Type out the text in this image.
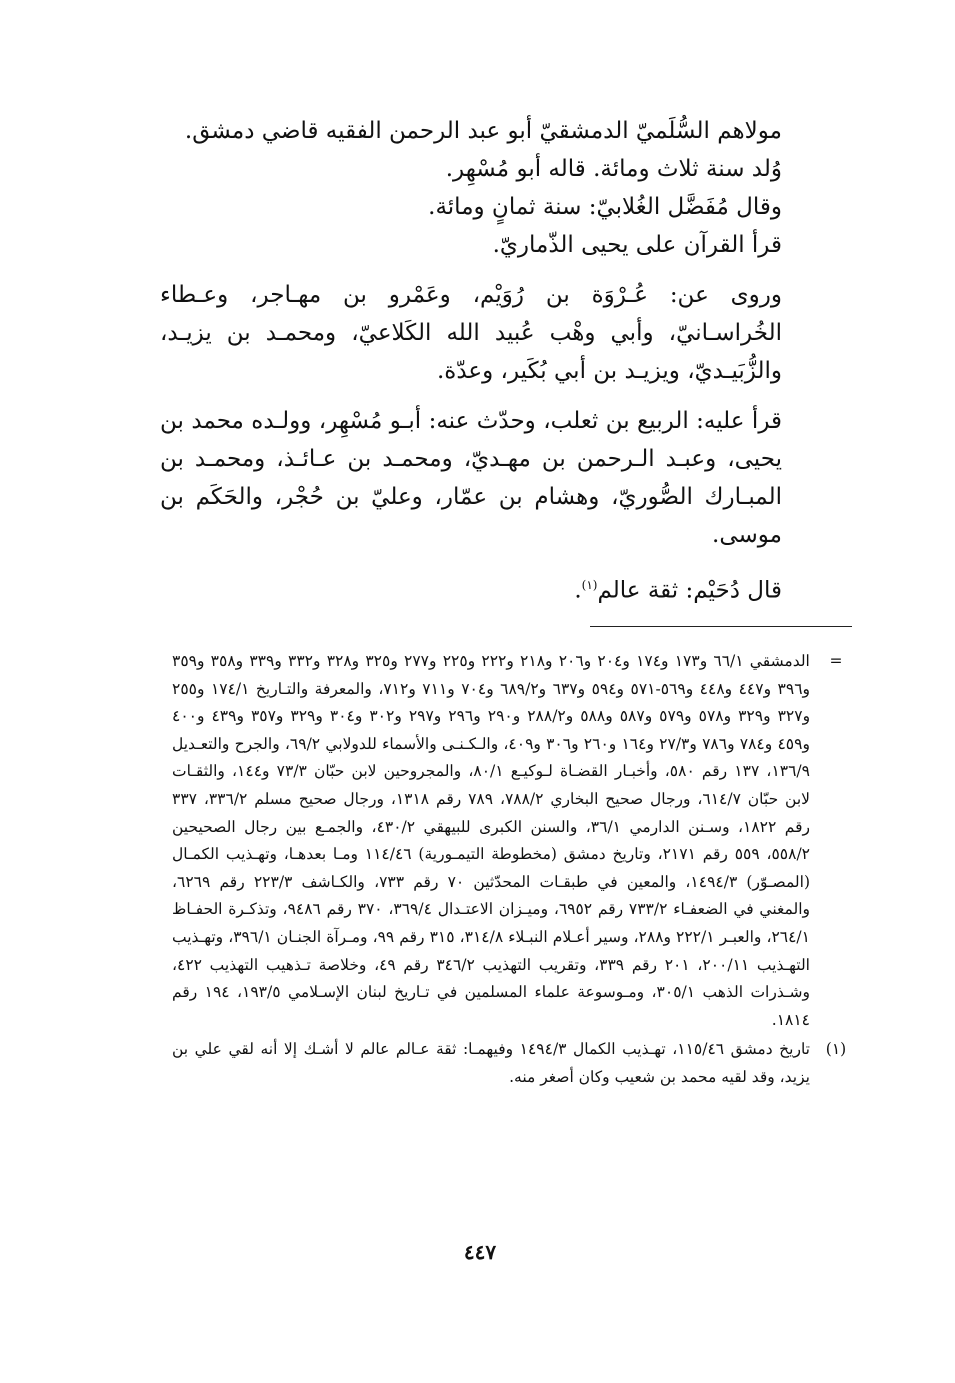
مولاهم السُّلَميّ الدمشقيّ أبو عبد الرحمن الفقيه قاضي دمشق.

وُلد سنة ثلاث ومائة. قاله أبو مُسْهِر.

وقال مُفَضَّل الغُلابيّ: سنة ثمانٍ ومائة.

قرأ القرآن على يحيى الذّماريّ.

وروى عن: عُـرْوَة بن رُوَيْم، وعَمْرو بن مهـاجر، وعـطاء الخُراسـانيّ، وأبي وهْب عُبيد الله الكَلاعيّ، ومحمـد بن يزيـد، والزُّبَيـديّ، ويزيـد بن أبي بُكَير، وعدّة.

قرأ عليه: الربيع بن ثعلب، وحدّث عنه: أبـو مُسْهِر، وولـده محمد بن يحيى، وعبـد الـرحمن بن مهـديّ، ومحمـد بن عـائـذ، ومحمـد بن المبـارك الصُّوريّ، وهشام بن عمّار، وعليّ بن حُجْر، والحَكَم بن موسى.

قال دُحَيْم: ثقة عالم$^{(١)}$.

=
الدمشقي ٦٦/١ و١٧٣ و١٧٤ و٢٠٤ و٢٠٦ و٢١٨ و٢٢٢ و٢٢٥ و٢٧٧ و٣٢٥ و٣٢٨ و٣٣٢ و٣٣٩ و٣٥٨ و٣٥٩ و٣٩٦ و٤٤٧ و٤٤٨ و٥٦٩-٥٧١ و٥٩٤ و٦٣٧ و٦٨٩/٢ و٧٠٤ و٧١١ و٧١٢، والمعرفة والتـاريخ ١٧٤/١ و٢٥٥ و٣٢٧ و٣٢٩ و٥٧٨ و٥٧٩ و٥٨٧ و٥٨٨ و٢٨٨/٢ و٢٩٠ و٢٩٦ و٢٩٧ و٣٠٢ و٣٠٤ و٣٢٩ و٣٥٧ و٤٣٩ و٤٠٠ و٤٥٩ و٧٨٤ و٧٨٦ و٢٧/٣ و١٦٤ و٢٦٠ و٣٠٦ و٤٠٩، والـكـنـى والأسماء للدولابي ٦٩/٢، والجرح والتعـديل ١٣٦/٩، ١٣٧ رقم ٥٨٠، وأخبـار القضـاة لـوكيـع ٨٠/١، والمجروحين لابن حبّان ٧٣/٣ و١٤٤، والثقـات لابن حبّان ٦١٤/٧، ورجال صحيح البخاري ٧٨٨/٢، ٧٨٩ رقم ١٣١٨، ورجال صحيح مسلم ٣٣٦/٢، ٣٣٧ رقم ١٨٢٢، وسـنن الدارمي ٣٦/١، والسنن الكبرى للبيهقي ٤٣٠/٢، والجمـع بين رجال الصحيحين ٥٥٨/٢، ٥٥٩ رقم ٢١٧١، وتاريخ دمشق (مخطوطة التيمـورية) ١١٤/٤٦ ومـا بعدهـا، وتهـذيب الكمـال (المصـوّر) ١٤٩٤/٣، والمعين في طبقـات المحدّثين ٧٠ رقم ٧٣٣، والكـاشف ٢٢٣/٣ رقم ٦٢٦٩، والمغني في الضعفـاء ٧٣٣/٢ رقم ٦٩٥٢، وميـزان الاعتـدال ٣٦٩/٤، ٣٧٠ رقم ٩٤٨٦، وتذكـرة الحفـاظ ٢٦٤/١، والعبـر ٢٢٢/١ و٢٨٨، وسير أعـلام النبـلاء ٣١٤/٨، ٣١٥ رقم ٩٩، ومـرآة الجنـان ٣٩٦/١، وتهـذيب التهـذيب ٢٠٠/١١، ٢٠١ رقم ٣٣٩، وتقريب التهذيب ٣٤٦/٢ رقم ٤٩، وخلاصة تـذهيب التهذيب ٤٢٢، وشـذرات الذهب ٣٠٥/١، ومـوسوعة علماء المسلمين في تـاريخ لبنان الإسـلامي ١٩٣/٥، ١٩٤ رقم ١٨١٤.

(١)
تاريخ دمشق ١١٥/٤٦، تهـذيب الكمال ١٤٩٤/٣ وفيهمـا: ثقة عـالم عالم لا أشـك إلا أنه لقي علي بن يزيد، وقد لقيه محمد بن شعيب وكان أصغر منه.

٤٤٧
